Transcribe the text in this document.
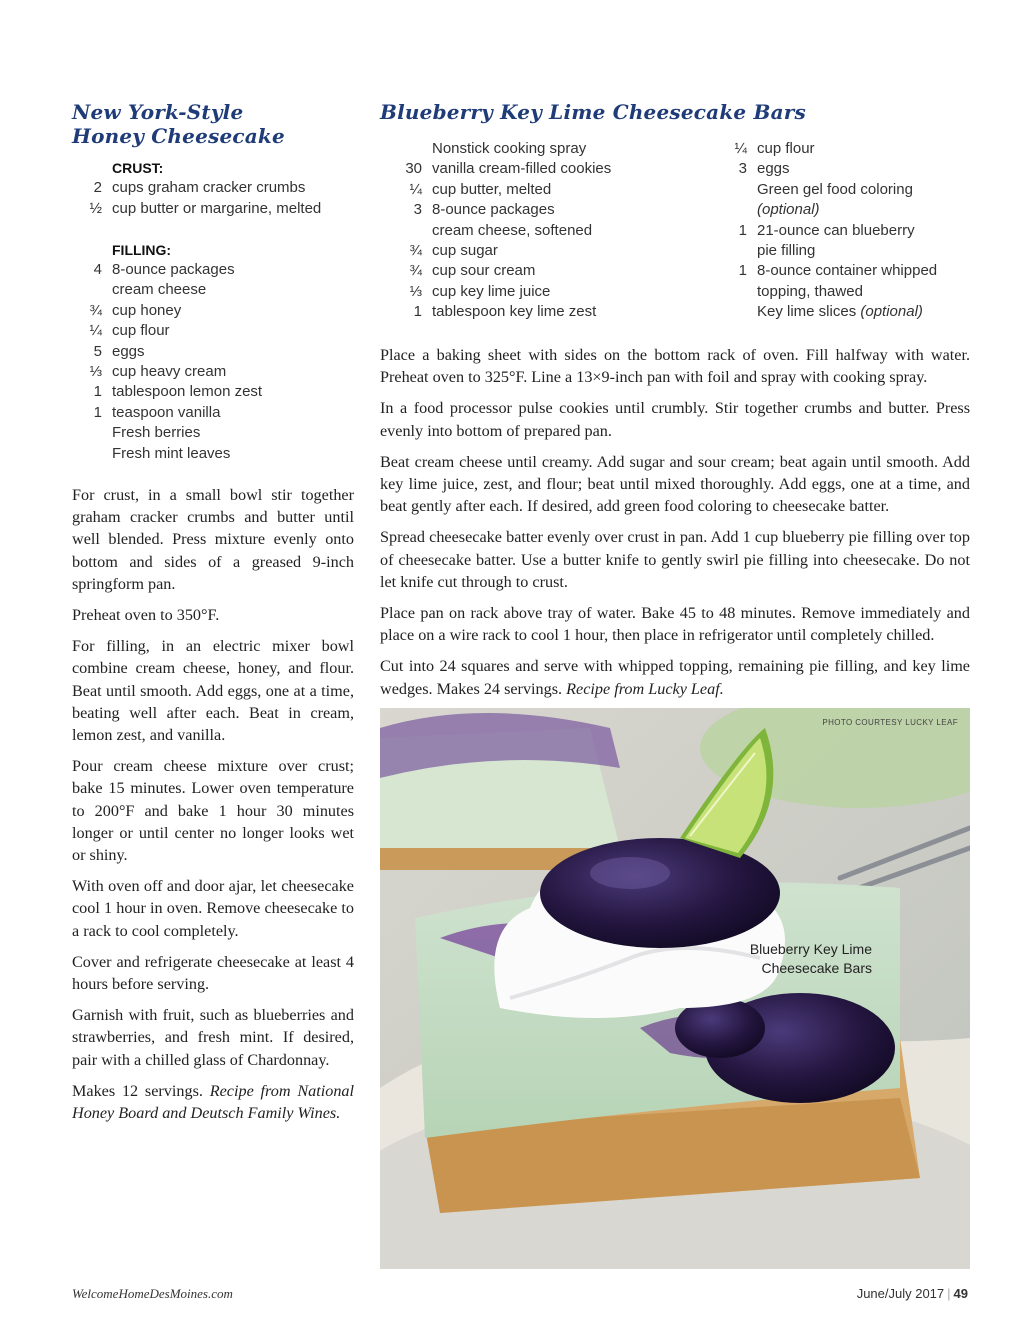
New York-Style
Honey Cheesecake
CRUST:
2 cups graham cracker crumbs
½ cup butter or margarine, melted
FILLING:
4 8-ounce packages
cream cheese
¾ cup honey
¼ cup flour
5 eggs
⅓ cup heavy cream
1 tablespoon lemon zest
1 teaspoon vanilla
Fresh berries
Fresh mint leaves

For crust, in a small bowl stir together graham cracker crumbs and butter until well blended. Press mixture evenly onto bottom and sides of a greased 9-inch springform pan.

Preheat oven to 350°F.

For filling, in an electric mixer bowl combine cream cheese, honey, and flour. Beat until smooth. Add eggs, one at a time, beating well after each. Beat in cream, lemon zest, and vanilla.

Pour cream cheese mixture over crust; bake 15 minutes. Lower oven temperature to 200°F and bake 1 hour 30 minutes longer or until center no longer looks wet or shiny.

With oven off and door ajar, let cheesecake cool 1 hour in oven. Remove cheesecake to a rack to cool completely.

Cover and refrigerate cheesecake at least 4 hours before serving.

Garnish with fruit, such as blueberries and strawberries, and fresh mint. If desired, pair with a chilled glass of Chardonnay.

Makes 12 servings. Recipe from National Honey Board and Deutsch Family Wines.

Blueberry Key Lime Cheesecake Bars
Nonstick cooking spray
30 vanilla cream-filled cookies
¼ cup butter, melted
3 8-ounce packages
cream cheese, softened
¾ cup sugar
¾ cup sour cream
⅓ cup key lime juice
1 tablespoon key lime zest
¼ cup flour
3 eggs
Green gel food coloring
(optional)
1 21-ounce can blueberry
pie filling
1 8-ounce container whipped
topping, thawed
Key lime slices (optional)

Place a baking sheet with sides on the bottom rack of oven. Fill halfway with water. Preheat oven to 325°F. Line a 13×9-inch pan with foil and spray with cooking spray.

In a food processor pulse cookies until crumbly. Stir together crumbs and butter. Press evenly into bottom of prepared pan.

Beat cream cheese until creamy. Add sugar and sour cream; beat again until smooth. Add key lime juice, zest, and flour; beat until mixed thoroughly. Add eggs, one at a time, and beat gently after each. If desired, add green food coloring to cheesecake batter.

Spread cheesecake batter evenly over crust in pan. Add 1 cup blueberry pie filling over top of cheesecake batter. Use a butter knife to gently swirl pie filling into cheesecake. Do not let knife cut through to crust.

Place pan on rack above tray of water. Bake 45 to 48 minutes. Remove immediately and place on a wire rack to cool 1 hour, then place in refrigerator until completely chilled.

Cut into 24 squares and serve with whipped topping, remaining pie filling, and key lime wedges. Makes 24 servings. Recipe from Lucky Leaf.

PHOTO COURTESY LUCKY LEAF
Blueberry Key Lime
Cheesecake Bars
WelcomeHomeDesMoines.com	June/July 2017 | 49
